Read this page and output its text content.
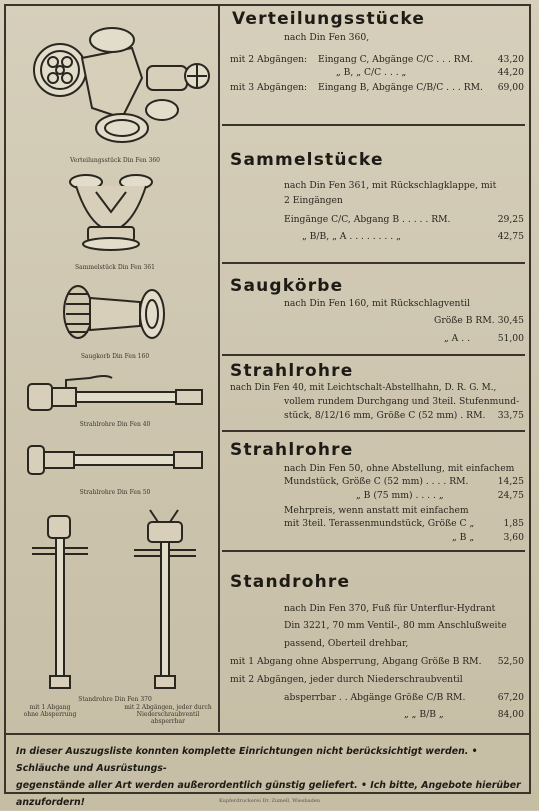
Verteilungsstück Din Fen 360
Sammelstück Din Fen 361
Saugkorb Din Fen 160
Strahlrohre Din Fen 40
Strahlrohre Din Fen 50
Standrohre Din Fen 370
mit 1 Abgang
ohne Absperrung
mit 2 Abgängen, jeder durch
Niederschraubventil
absperrbar
Verteilungsstücke
nach Din Fen 360,
mit 2 Abgängen: Eingang C, Abgänge C/C . . . RM.	43,20
„ B, „ C/C . . . „	44,20
mit 3 Abgängen: Eingang B, Abgänge C/B/C . . . RM.	69,00
Sammelstücke
nach Din Fen 361, mit Rückschlagklappe, mit
2 Eingängen
Eingänge C/C, Abgang B . . . . . RM.	29,25
„ B/B, „ A . . . . . . . . „	42,75
Saugkörbe
nach Din Fen 160, mit Rückschlagventil
Größe B RM. 30,45
„ A . .	51,00
Strahlrohre
nach Din Fen 40, mit Leichtschalt-Abstellhahn, D. R. G. M.,
vollem rundem Durchgang und 3teil. Stufenmund-
stück, 8/12/16 mm, Größe C (52 mm) . RM.	33,75
Strahlrohre
nach Din Fen 50, ohne Abstellung, mit einfachem
Mundstück, Größe C (52 mm) . . . . RM.	14,25
„ B (75 mm) . . . . „	24,75
Mehrpreis, wenn anstatt mit einfachem
mit 3teil. Terassenmundstück, Größe C „	1,85
„ B „	3,60
Standrohre
nach Din Fen 370, Fuß für Unterflur-Hydrant
Din 3221, 70 mm Ventil-, 80 mm Anschlußweite
passend, Oberteil drehbar,
mit 1 Abgang ohne Absperrung, Abgang Größe B RM.	52,50
mit 2 Abgängen, jeder durch Niederschraubventil
absperrbar . . Abgänge Größe C/B RM.	67,20
„ „ B/B „	84,00
In dieser Auszugsliste konnten komplette Einrichtungen nicht berücksichtigt werden. • Schläuche und Ausrüstungs-
gegenstände aller Art werden außerordentlich günstig geliefert. • Ich bitte, Angebote hierüber anzufordern!	Kupferdruckerei Dr. Zumell, Wiesbaden
